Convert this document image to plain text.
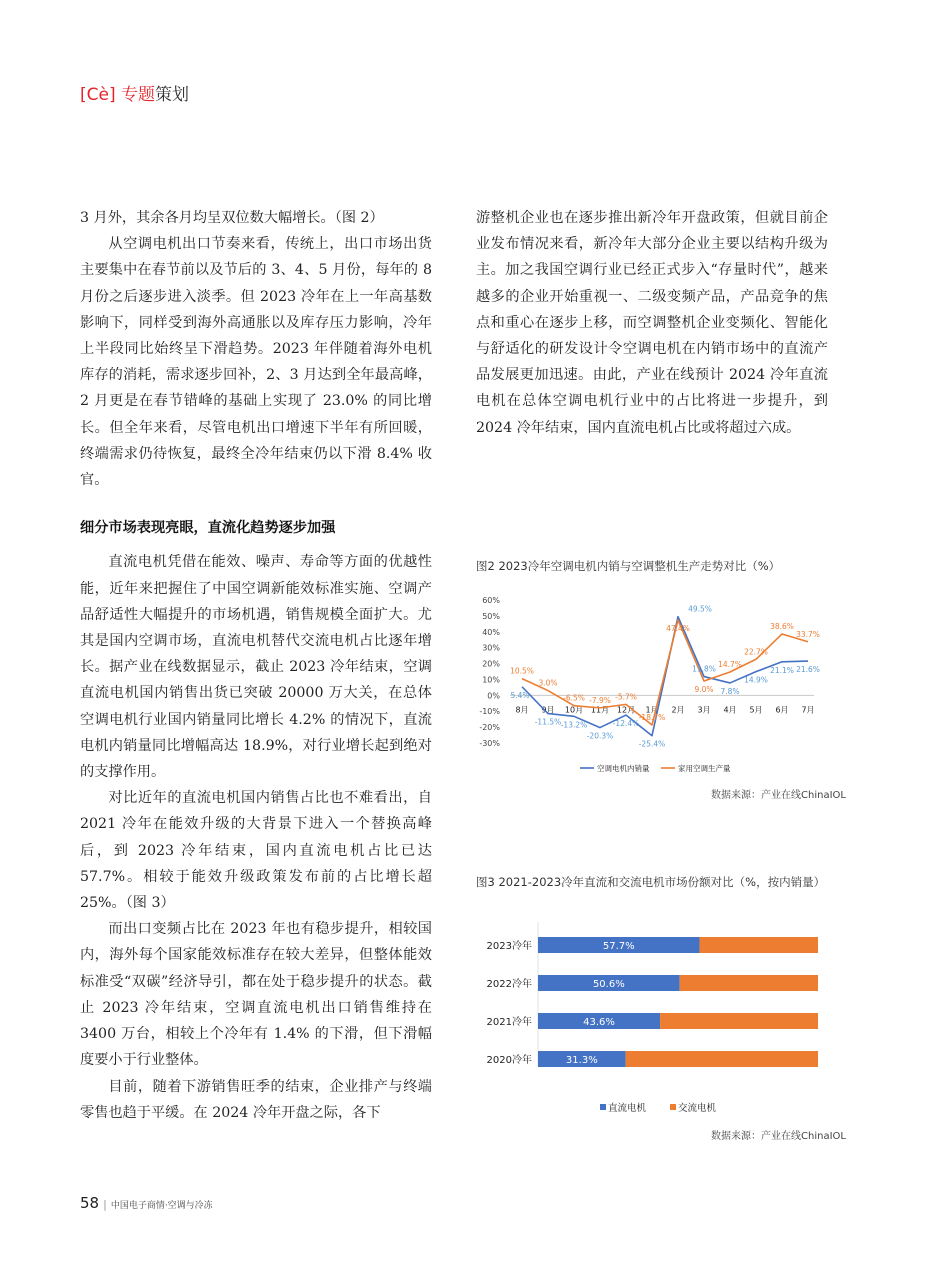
[Cè] 专题策划

3 月外，其余各月均呈双位数大幅增长。（图 2）

从空调电机出口节奏来看，传统上，出口市场出货主要集中在春节前以及节后的 3、4、5 月份，每年的 8 月份之后逐步进入淡季。但 2023 冷年在上一年高基数影响下，同样受到海外高通胀以及库存压力影响，冷年上半段同比始终呈下滑趋势。2023 年伴随着海外电机库存的消耗，需求逐步回补，2、3 月达到全年最高峰，2 月更是在春节错峰的基础上实现了 23.0% 的同比增长。但全年来看，尽管电机出口增速下半年有所回暖，终端需求仍待恢复，最终全冷年结束仍以下滑 8.4% 收官。

细分市场表现亮眼，直流化趋势逐步加强

直流电机凭借在能效、噪声、寿命等方面的优越性能，近年来把握住了中国空调新能效标准实施、空调产品舒适性大幅提升的市场机遇，销售规模全面扩大。尤其是国内空调市场，直流电机替代交流电机占比逐年增长。据产业在线数据显示，截止 2023 冷年结束，空调直流电机国内销售出货已突破 20000 万大关，在总体空调电机行业国内销量同比增长 4.2% 的情况下，直流电机内销量同比增幅高达 18.9%，对行业增长起到绝对的支撑作用。

对比近年的直流电机国内销售占比也不难看出，自 2021 冷年在能效升级的大背景下进入一个替换高峰后，到 2023 冷年结束，国内直流电机占比已达 57.7%。相较于能效升级政策发布前的占比增长超 25%。（图 3）

而出口变频占比在 2023 年也有稳步提升，相较国内，海外每个国家能效标准存在较大差异，但整体能效标准受“双碳”经济导引，都在处于稳步提升的状态。截止 2023 冷年结束，空调直流电机出口销售维持在 3400 万台，相较上个冷年有 1.4% 的下滑，但下滑幅度要小于行业整体。

目前，随着下游销售旺季的结束，企业排产与终端零售也趋于平缓。在 2024 冷年开盘之际，各下

游整机企业也在逐步推出新冷年开盘政策，但就目前企业发布情况来看，新冷年大部分企业主要以结构升级为主。加之我国空调行业已经正式步入“存量时代”，越来越多的企业开始重视一、二级变频产品，产品竞争的焦点和重心在逐步上移，而空调整机企业变频化、智能化与舒适化的研发设计令空调电机在内销市场中的直流产品发展更加迅速。由此，产业在线预计 2024 冷年直流电机在总体空调电机行业中的占比将进一步提升，到 2024 冷年结束，国内直流电机占比或将超过六成。

图2 2023冷年空调电机内销与空调整机生产走势对比（%）
60%
50%
40%
30%
20%
10%
0%
-10%
-20%
-30%
8月 9月 10月 11月 12月 1月 2月 3月 4月 5月 6月 7月
5.4%
-11.5% -13.2%
-20.3%
-12.4%
-25.4%
49.5%
11.8%
7.8%
14.9%
21.1% 21.6%
10.5%
3.0%
-6.5% -7.9% -5.7%
-18.7%
47.4%
9.0%
14.7%
22.7%
38.6%
33.7%
空调电机内销量	家用空调生产量
数据来源：产业在线ChinaIOL
图3 2021-2023冷年直流和交流电机市场份额对比（%，按内销量）
2023冷年	57.7%
2022冷年	50.6%
2021冷年	43.6%
2020冷年	31.3%
直流电机	交流电机
数据来源：产业在线ChinaIOL
58 | 中国电子商情·空调与冷冻
